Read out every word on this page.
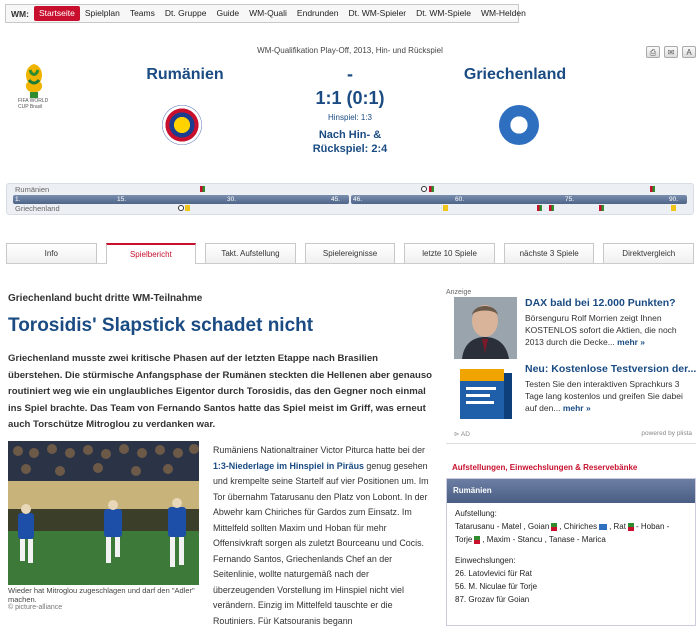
WM:	Startseite	Spielplan	Teams	Dt. Gruppe	Guide	WM-Quali	Endrunden	Dt. WM-Spieler	Dt. WM-Spiele	WM-Helden
⎙	✉	A
WM-Qualifikation Play-Off, 2013, Hin- und Rückspiel
FIFA WORLD CUP Brasil
Rumänien	-	Griechenland
1:1 (0:1)
Hinspiel: 1:3
Nach Hin- &
Rückspiel: 2:4
Rumänien
Griechenland
1.	15.	30.	45. 46.	60.	75.	90.
Info	Spielbericht	Takt. Aufstellung	Spielereignisse	letzte 10 Spiele	nächste 3 Spiele	Direktvergleich
Griechenland bucht dritte WM-Teilnahme
Torosidis' Slapstick schadet nicht
Griechenland musste zwei kritische Phasen auf der letzten Etappe nach Brasilien überstehen. Die stürmische Anfangsphase der Rumänen steckten die Hellenen aber genauso routiniert weg wie ein unglaubliches Eigentor durch Torosidis, das den Gegner noch einmal ins Spiel brachte. Das Team von Fernando Santos hatte das Spiel meist im Griff, was erneut auch Torschütze Mitroglou zu verdanken war.
Wieder hat Mitroglou zugeschlagen und darf den "Adler" machen.
© picture-alliance
Rumäniens Nationaltrainer Victor Piturca hatte bei der 1:3-Niederlage im Hinspiel in Piräus genug gesehen und krempelte seine Startelf auf vier Positionen um. Im Tor übernahm Tatarusanu den Platz von Lobont. In der Abwehr kam Chiriches für Gardos zum Einsatz. Im Mittelfeld sollten Maxim und Hoban für mehr Offensivkraft sorgen als zuletzt Bourceanu und Cocis. Fernando Santos, Griechenlands Chef an der Seitenlinie, wollte naturgemäß nach der überzeugenden Vorstellung im Hinspiel nicht viel verändern. Einzig im Mittelfeld tauschte er die Routiniers. Für Katsouranis begann
Anzeige
DAX bald bei 12.000 Punkten?
Börsenguru Rolf Morrien zeigt Ihnen KOSTENLOS sofort die Aktien, die noch 2013 durch die Decke... mehr »
Neu: Kostenlose Testversion der...
Testen Sie den interaktiven Sprachkurs 3 Tage lang kostenlos und greifen Sie dabei auf den... mehr »
⊳ AD	powered by plista
Aufstellungen, Einwechslungen & Reservebänke
Rumänien
Aufstellung:
Tatarusanu - Matel , Goian , Chiriches , Rat - Hoban -
Torje , Maxim - Stancu , Tanase - Marica
Einwechslungen:
26. Latovlevici für Rat
56. M. Niculae für Torje
87. Grozav für Goian
